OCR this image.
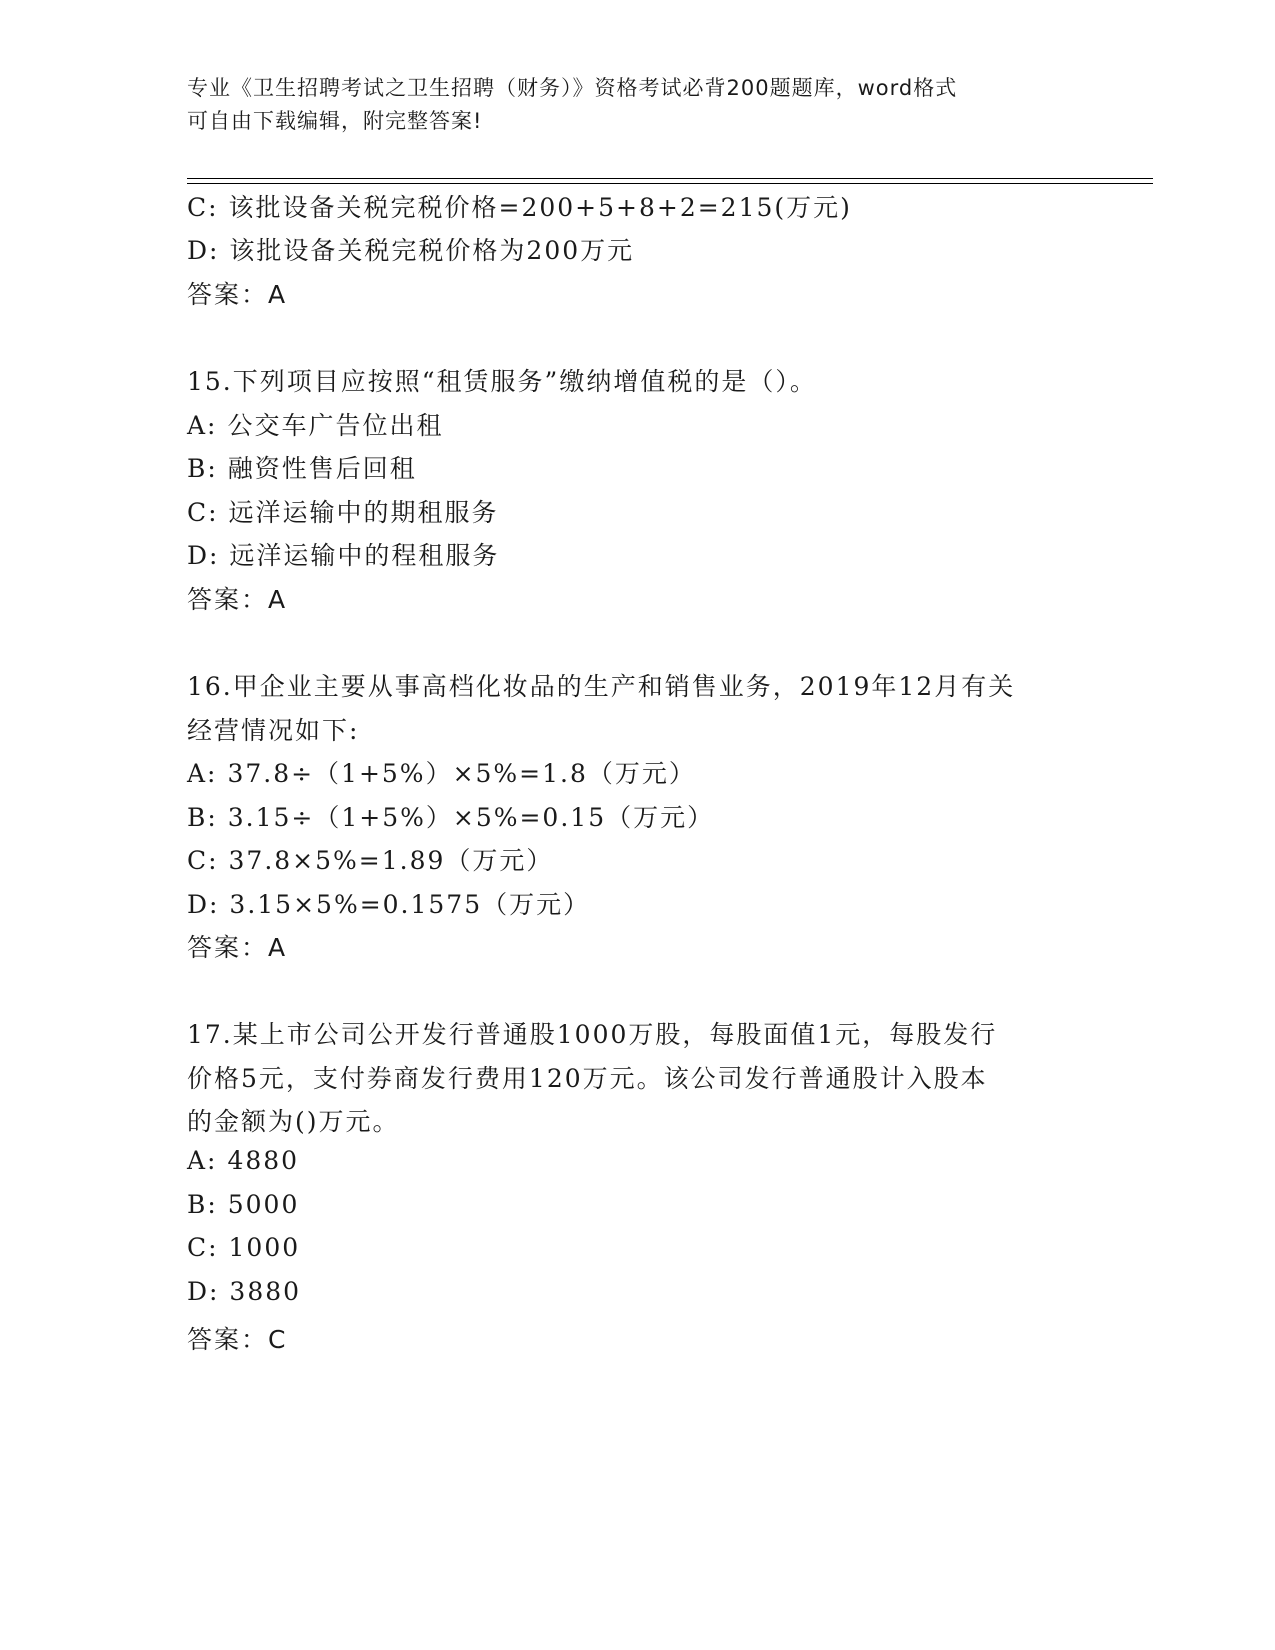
专业《卫生招聘考试之卫生招聘（财务）》资格考试必背200题题库，word格式
可自由下载编辑，附完整答案!
C: 该批设备关税完税价格=200+5+8+2=215(万元)
D: 该批设备关税完税价格为200万元
答案：A
15.下列项目应按照“租赁服务”缴纳增值税的是（）。
A: 公交车广告位出租
B: 融资性售后回租
C: 远洋运输中的期租服务
D: 远洋运输中的程租服务
答案：A
16.甲企业主要从事高档化妆品的生产和销售业务，2019年12月有关
经营情况如下:
A: 37.8÷（1+5%）×5%=1.8（万元）
B: 3.15÷（1+5%）×5%=0.15（万元）
C: 37.8×5%=1.89（万元）
D: 3.15×5%=0.1575（万元）
答案：A
17.某上市公司公开发行普通股1000万股，每股面值1元，每股发行
价格5元，支付券商发行费用120万元。该公司发行普通股计入股本
的金额为()万元。
A: 4880
B: 5000
C: 1000
D: 3880
答案：C
